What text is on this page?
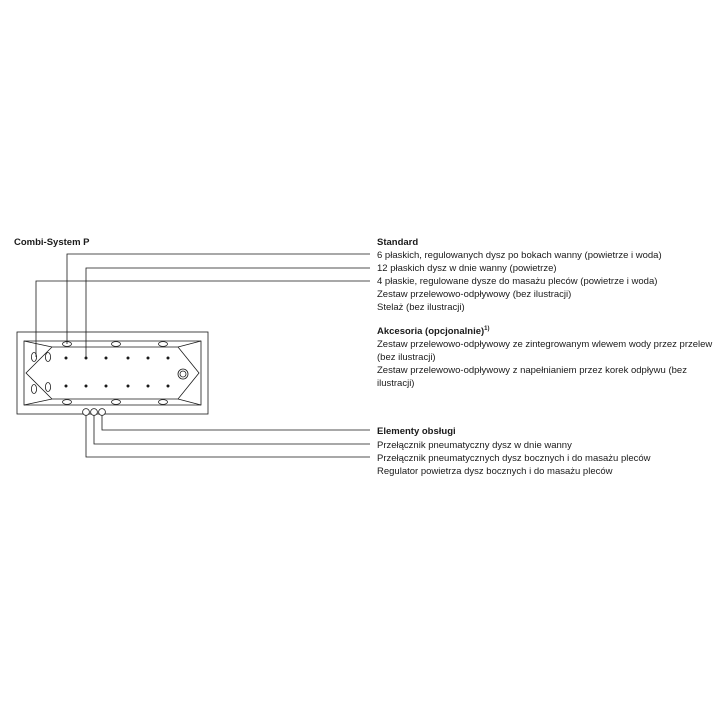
Combi-System P	Standard
6 płaskich, regulowanych dysz po bokach wanny (powietrze i woda)
12 płaskich dysz w dnie wanny (powietrze)
4 płaskie, regulowane dysze do masażu pleców (powietrze i woda)
Zestaw przelewowo-odpływowy (bez ilustracji)
Stelaż (bez ilustracji)
Akcesoria (opcjonalnie)$^{1)}$
Zestaw przelewowo-odpływowy ze zintegrowanym wlewem wody przez przelew
(bez ilustracji)
Zestaw przelewowo-odpływowy z napełnianiem przez korek odpływu (bez
ilustracji)
Elementy obsługi
Przełącznik pneumatyczny dysz w dnie wanny
Przełącznik pneumatycznych dysz bocznych i do masażu pleców
Regulator powietrza dysz bocznych i do masażu pleców
